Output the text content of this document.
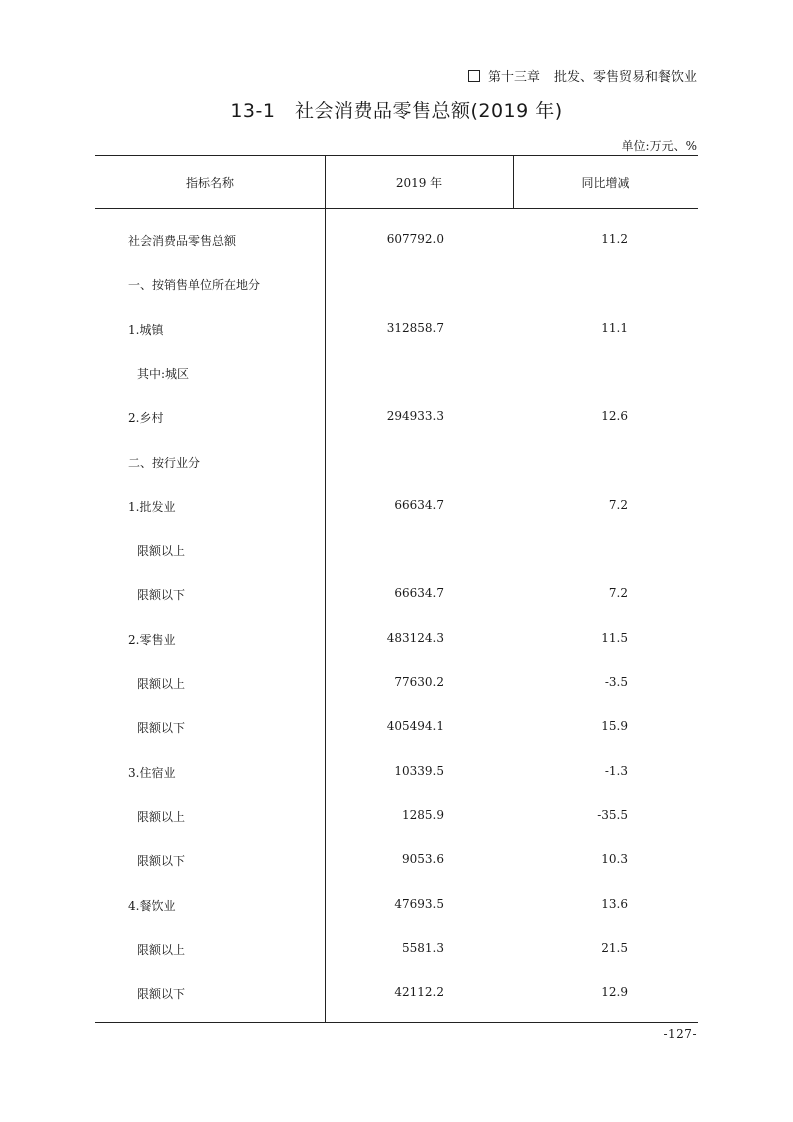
第十三章 批发、零售贸易和餐饮业
13-1　社会消费品零售总额(2019 年)
单位:万元、%
指标名称	2019 年	同比增减
社会消费品零售总额	607792.0	11.2
一、按销售单位所在地分
1.城镇	312858.7	11.1
其中:城区
2.乡村	294933.3	12.6
二、按行业分
1.批发业	66634.7	7.2
限额以上
限额以下	66634.7	7.2
2.零售业	483124.3	11.5
限额以上	77630.2	-3.5
限额以下	405494.1	15.9
3.住宿业	10339.5	-1.3
限额以上	1285.9	-35.5
限额以下	9053.6	10.3
4.餐饮业	47693.5	13.6
限额以上	5581.3	21.5
限额以下	42112.2	12.9
-127-
